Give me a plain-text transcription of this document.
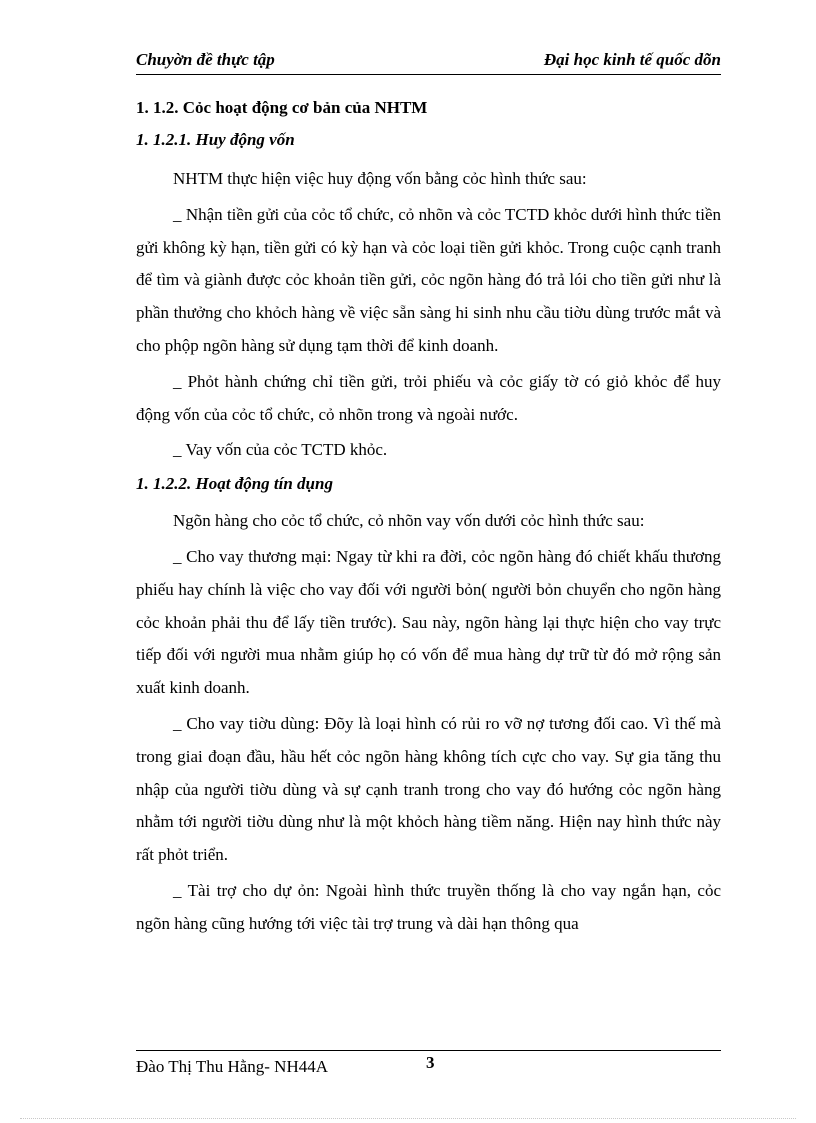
Chuyờn đề thực tập	Đại học kinh tế quốc dõn
1. 1.2. Cỏc hoạt động cơ bản của NHTM
1. 1.2.1. Huy động vốn

NHTM thực hiện việc huy động vốn bằng cỏc hình thức sau:

_ Nhận tiền gửi của cỏc tổ chức, cỏ nhõn và cỏc TCTD khỏc dưới hình thức tiền gửi không kỳ hạn, tiền gửi có kỳ hạn và cỏc loại tiền gửi khỏc. Trong cuộc cạnh tranh để tìm và giành được cỏc khoản tiền gửi, cỏc ngõn hàng đó trả lói cho tiền gửi như là phần thưởng cho khỏch hàng về việc sẵn sàng hi sinh nhu cầu tiờu dùng trước mắt và cho phộp ngõn hàng sử dụng tạm thời để kinh doanh.

_ Phỏt hành chứng chỉ tiền gửi, trỏi phiếu và cỏc giấy tờ có giỏ khỏc để huy động vốn của cỏc tổ chức, cỏ nhõn trong và ngoài nước.

_ Vay vốn của cỏc TCTD khỏc.

1. 1.2.2. Hoạt động tín dụng

Ngõn hàng cho cỏc tổ chức, cỏ nhõn vay vốn dưới cỏc hình thức sau:

_ Cho vay thương mại: Ngay từ khi ra đời, cỏc ngõn hàng đó chiết khấu thương phiếu hay chính là việc cho vay đối với người bỏn( người bỏn chuyển cho ngõn hàng cỏc khoản phải thu để lấy tiền trước). Sau này, ngõn hàng lại thực hiện cho vay trực tiếp đối với người mua nhằm giúp họ có vốn để mua hàng dự trữ từ đó mở rộng sản xuất kinh doanh.

_ Cho vay tiờu dùng: Đõy là loại hình có rủi ro vỡ nợ tương đối cao. Vì thế mà trong giai đoạn đầu, hầu hết cỏc ngõn hàng không tích cực cho vay. Sự gia tăng thu nhập của người tiờu dùng và sự cạnh tranh trong cho vay đó hướng cỏc ngõn hàng nhằm tới người tiờu dùng như là một khỏch hàng tiềm năng. Hiện nay hình thức này rất phỏt triển.

_ Tài trợ cho dự ỏn: Ngoài hình thức truyền thống là cho vay ngắn hạn, cỏc ngõn hàng cũng hướng tới việc tài trợ trung và dài hạn thông qua

Đào Thị Thu Hằng- NH44A	3
